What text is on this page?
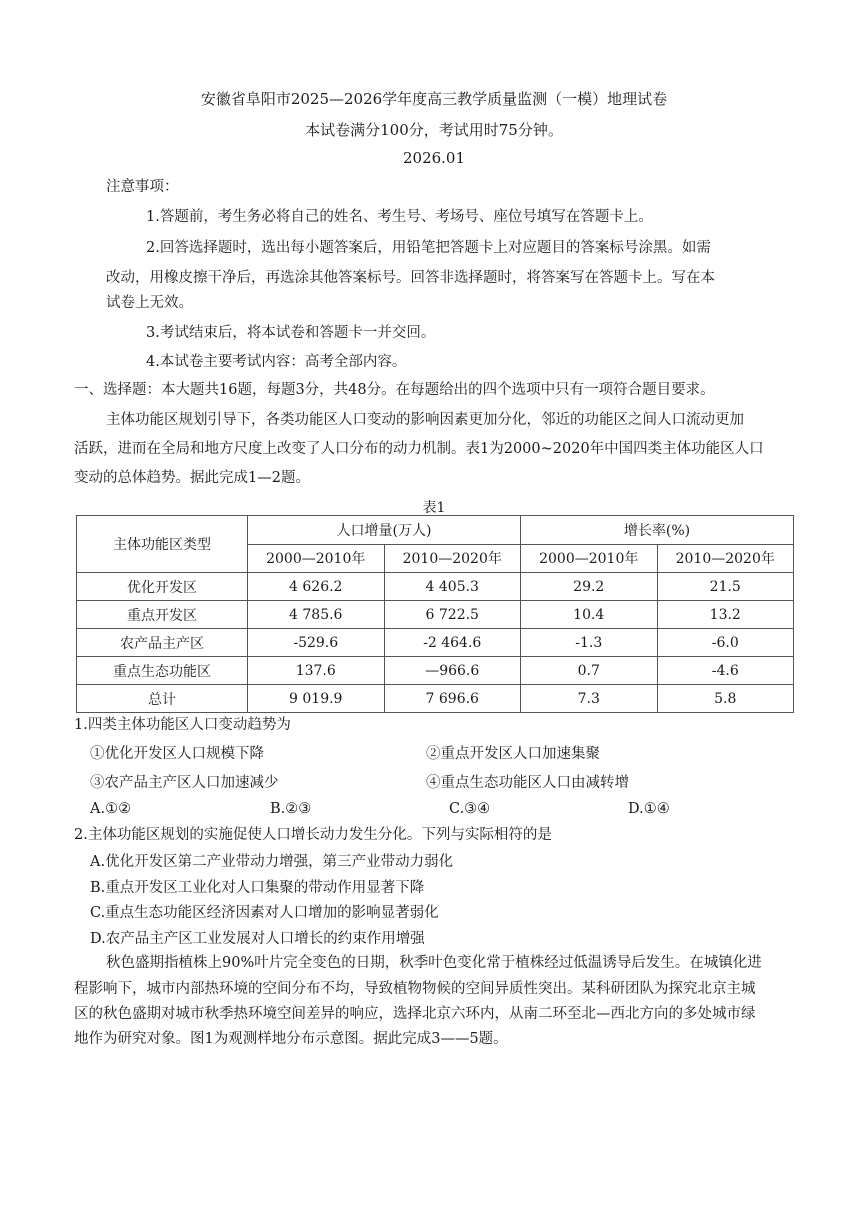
安徽省阜阳市2025—2026学年度高三教学质量监测（一模）地理试卷
本试卷满分100分，考试用时75分钟。
2026.01
注意事项：
1.答题前，考生务必将自己的姓名、考生号、考场号、座位号填写在答题卡上。
2.回答选择题时，选出每小题答案后，用铅笔把答题卡上对应题目的答案标号涂黑。如需
改动，用橡皮擦干净后，再选涂其他答案标号。回答非选择题时，将答案写在答题卡上。写在本
试卷上无效。
3.考试结束后，将本试卷和答题卡一并交回。
4.本试卷主要考试内容：高考全部内容。
一、选择题：本大题共16题，每题3分，共48分。在每题给出的四个选项中只有一项符合题目要求。
主体功能区规划引导下，各类功能区人口变动的影响因素更加分化，邻近的功能区之间人口流动更加
活跃，进而在全局和地方尺度上改变了人口分布的动力机制。表1为2000~2020年中国四类主体功能区人口
变动的总体趋势。据此完成1—2题。
表1
主体功能区类型	人口增量(万人)		增长率(%)	
	2000—2010年	2010—2020年	2000—2010年	2010—2020年
优化开发区	4 626.2	4 405.3	29.2	21.5
重点开发区	4 785.6	6 722.5	10.4	13.2
农产品主产区	-529.6	-2 464.6	-1.3	-6.0
重点生态功能区	137.6	—966.6	0.7	-4.6
总计	9 019.9	7 696.6	7.3	5.8
1.四类主体功能区人口变动趋势为
①优化开发区人口规模下降	②重点开发区人口加速集聚
③农产品主产区人口加速减少	④重点生态功能区人口由减转增
A.①②	B.②③	C.③④	D.①④
2.主体功能区规划的实施促使人口增长动力发生分化。下列与实际相符的是
A.优化开发区第二产业带动力增强，第三产业带动力弱化
B.重点开发区工业化对人口集聚的带动作用显著下降
C.重点生态功能区经济因素对人口增加的影响显著弱化
D.农产品主产区工业发展对人口增长的约束作用增强
秋色盛期指植株上90%叶片完全变色的日期，秋季叶色变化常于植株经过低温诱导后发生。在城镇化进
程影响下，城市内部热环境的空间分布不均，导致植物物候的空间异质性突出。某科研团队为探究北京主城
区的秋色盛期对城市秋季热环境空间差异的响应，选择北京六环内，从南二环至北—西北方向的多处城市绿
地作为研究对象。图1为观测样地分布示意图。据此完成3——5题。
